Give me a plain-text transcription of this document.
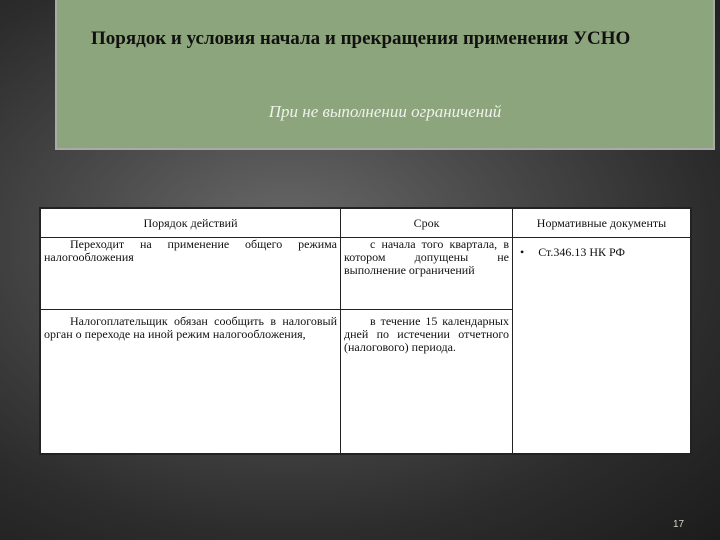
Порядок и условия начала и прекращения применения УСНО
При не выполнении ограничений
Порядок действий	Срок	Нормативные документы
Переходит на применение общего режима налогообложения	с начала того квартала, в котором допущены не выполнение ограничений	• Ст.346.13 НК РФ

Налогоплательщик обязан сообщить в налоговый орган о переходе на иной режим налогообложения,	в течение 15 календарных дней по истечении отчетного (налогового) периода.	
17
